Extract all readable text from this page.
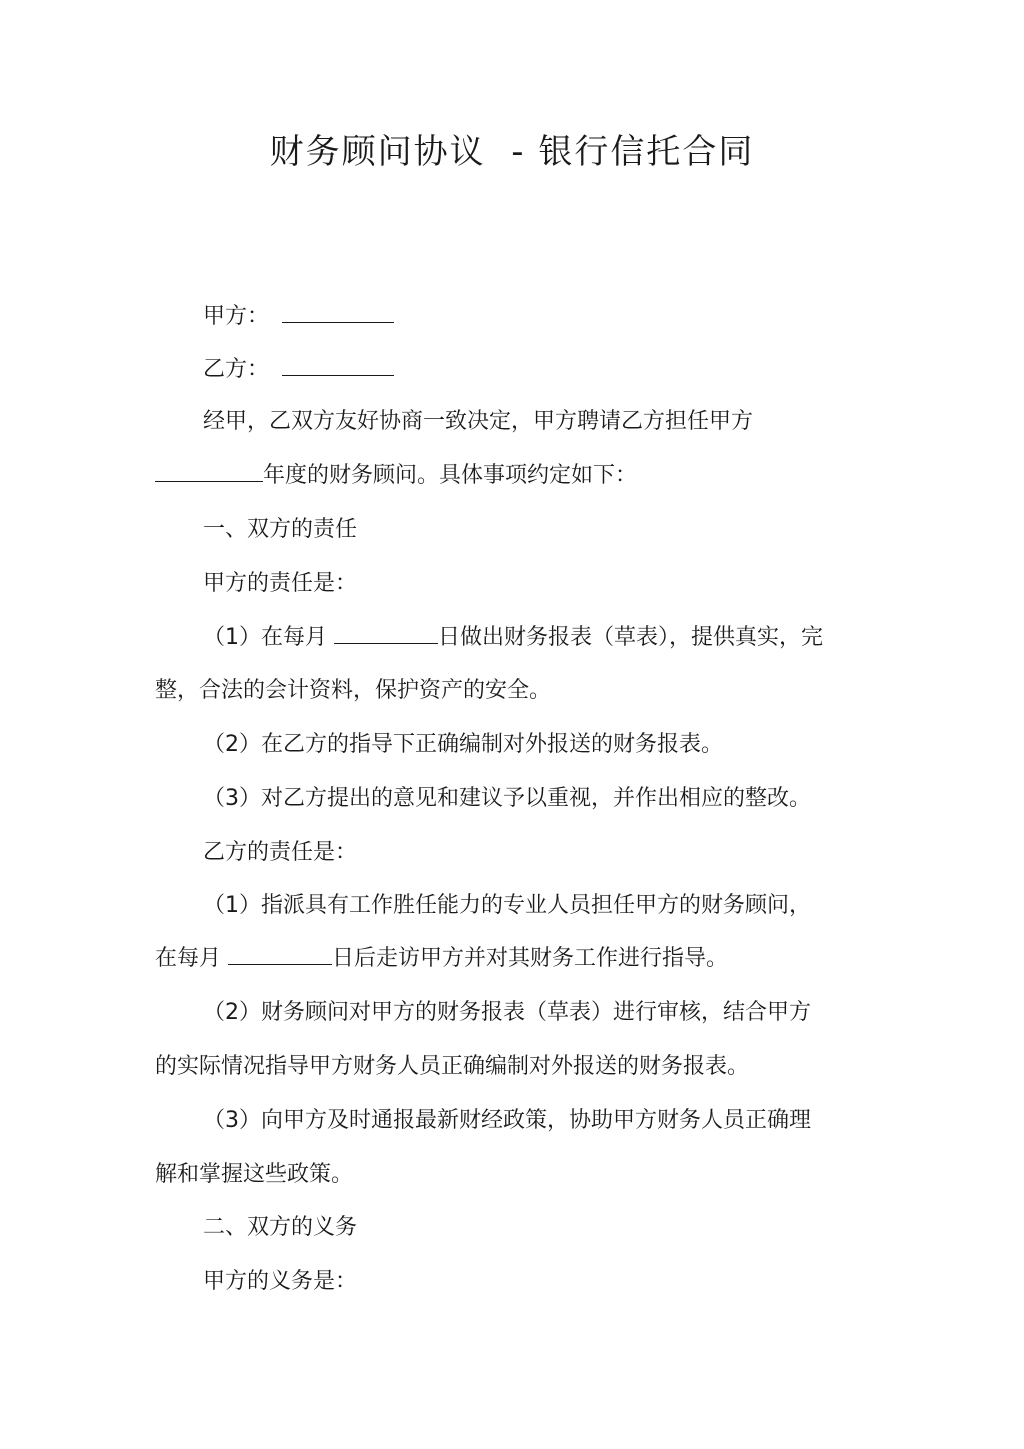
财务顾问协议  - 银行信托合同
甲方：
乙方：
经甲，乙双方友好协商一致决定，甲方聘请乙方担任甲方
年度的财务顾问。具体事项约定如下：
一、双方的责任
甲方的责任是：
（1）在每月	日做出财务报表（草表），提供真实，完
整，合法的会计资料，保护资产的安全。
（2）在乙方的指导下正确编制对外报送的财务报表。
（3）对乙方提出的意见和建议予以重视，并作出相应的整改。
乙方的责任是：
（1）指派具有工作胜任能力的专业人员担任甲方的财务顾问，
在每月	日后走访甲方并对其财务工作进行指导。
（2）财务顾问对甲方的财务报表（草表）进行审核，结合甲方
的实际情况指导甲方财务人员正确编制对外报送的财务报表。
（3）向甲方及时通报最新财经政策，协助甲方财务人员正确理
解和掌握这些政策。
二、双方的义务
甲方的义务是：
